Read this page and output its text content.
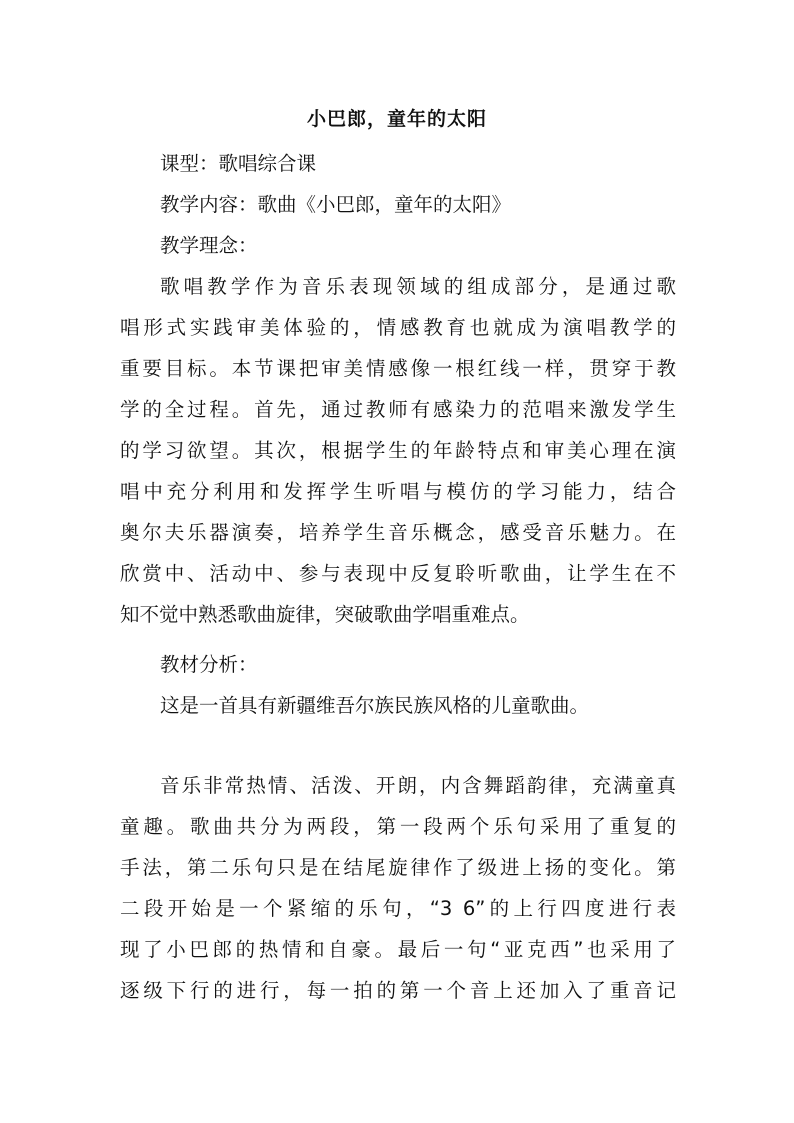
小巴郎，童年的太阳
课型：歌唱综合课
教学内容：歌曲《小巴郎，童年的太阳》
教学理念：
歌唱教学作为音乐表现领域的组成部分，是通过歌
唱形式实践审美体验的，情感教育也就成为演唱教学的
重要目标。本节课把审美情感像一根红线一样，贯穿于教
学的全过程。首先，通过教师有感染力的范唱来激发学生
的学习欲望。其次，根据学生的年龄特点和审美心理在演
唱中充分利用和发挥学生听唱与模仿的学习能力，结合
奥尔夫乐器演奏，培养学生音乐概念，感受音乐魅力。在
欣赏中、活动中、参与表现中反复聆听歌曲，让学生在不
知不觉中熟悉歌曲旋律，突破歌曲学唱重难点。
教材分析：
这是一首具有新疆维吾尔族民族风格的儿童歌曲。
音乐非常热情、活泼、开朗，内含舞蹈韵律，充满童真
童趣。歌曲共分为两段，第一段两个乐句采用了重复的
手法，第二乐句只是在结尾旋律作了级进上扬的变化。第
二段开始是一个紧缩的乐句，“3 6”的上行四度进行表
现了小巴郎的热情和自豪。最后一句“亚克西”也采用了
逐级下行的进行，每一拍的第一个音上还加入了重音记
